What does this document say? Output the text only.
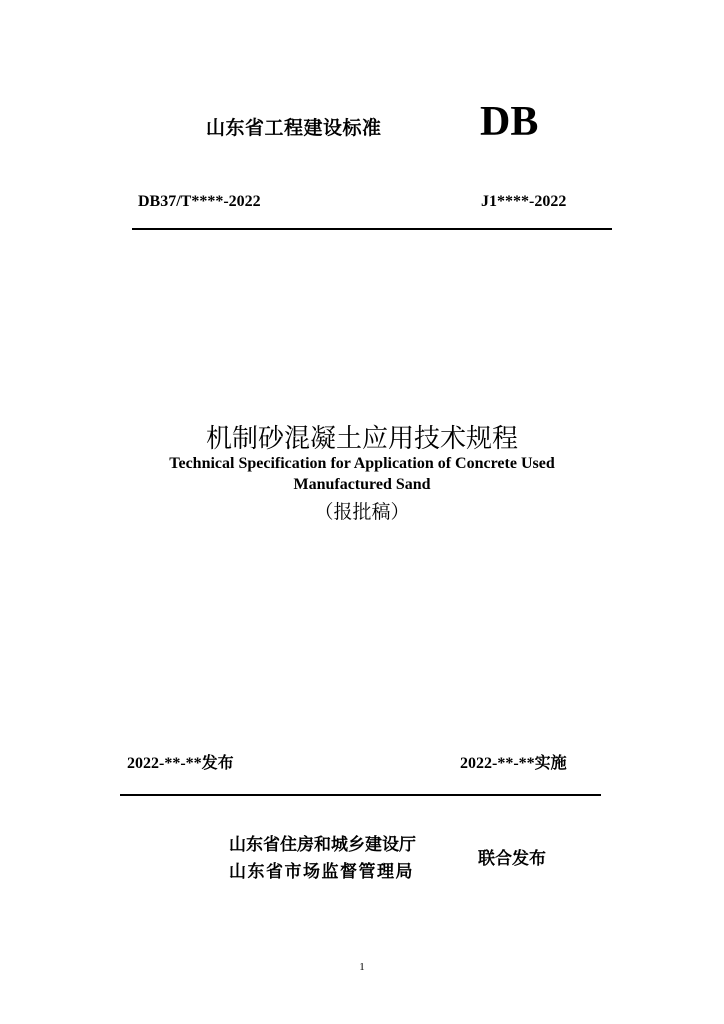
山东省工程建设标准 DB
DB37/T****-2022	J1****-2022
机制砂混凝土应用技术规程
Technical Specification for Application of Concrete Used
Manufactured Sand
（报批稿）
2022-**-**发布	2022-**-**实施
山东省住房和城乡建设厅
山东省市场监督管理局
联合发布
1
